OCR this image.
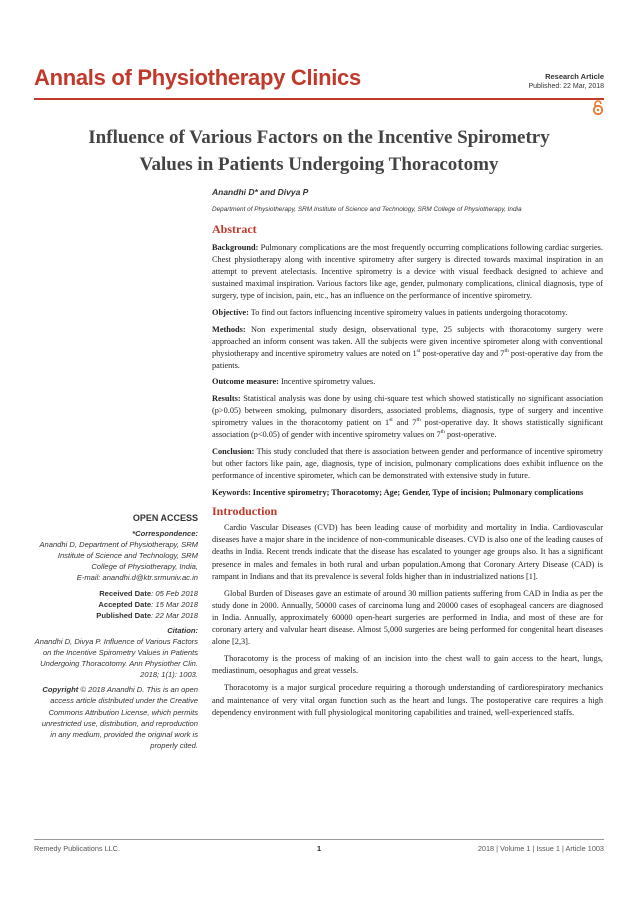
Annals of Physiotherapy Clinics	Research Article
Published: 22 Mar, 2018
Influence of Various Factors on the Incentive Spirometry
Values in Patients Undergoing Thoracotomy
Anandhi D* and Divya P
Department of Physiotherapy, SRM Institute of Science and Technology, SRM College of Physiotherapy, India
Abstract

Background: Pulmonary complications are the most frequently occurring complications following cardiac surgeries. Chest physiotherapy along with incentive spirometry after surgery is directed towards maximal inspiration in an attempt to prevent atelectasis. Incentive spirometry is a device with visual feedback designed to achieve and sustained maximal inspiration. Various factors like age, gender, pulmonary complications, clinical diagnosis, type of surgery, type of incision, pain, etc., has an influence on the performance of incentive spirometry.

Objective: To find out factors influencing incentive spirometry values in patients undergoing thoracotomy.

Methods: Non experimental study design, observational type, 25 subjects with thoracotomy surgery were approached an inform consent was taken. All the subjects were given incentive spirometer along with conventional physiotherapy and incentive spirometry values are noted on 1st post-operative day and 7th post-operative day from the patients.

Outcome measure: Incentive spirometry values.

Results: Statistical analysis was done by using chi-square test which showed statistically no significant association (p>0.05) between smoking, pulmonary disorders, associated problems, diagnosis, type of surgery and incentive spirometry values in the thoracotomy patient on 1st and 7th post-operative day. It shows statistically significant association (p<0.05) of gender with incentive spirometry values on 7th post-operative.

Conclusion: This study concluded that there is association between gender and performance of incentive spirometry but other factors like pain, age, diagnosis, type of incision, pulmonary complications does exhibit influence on the performance of incentive spirometer, which can be demonstrated with extensive study in future.

Keywords: Incentive spirometry; Thoracotomy; Age; Gender, Type of incision; Pulmonary complications

Introduction

Cardio Vascular Diseases (CVD) has been leading cause of morbidity and mortality in India. Cardiovascular diseases have a major share in the incidence of non-communicable diseases. CVD is also one of the leading causes of deaths in India. Recent trends indicate that the disease has escalated to younger age groups also. It has a significant presence in males and females in both rural and urban population.Among that Coronary Artery Disease (CAD) is rampant in Indians and that its prevalence is several folds higher than in industrialized nations [1].

Global Burden of Diseases gave an estimate of around 30 million patients suffering from CAD in India as per the study done in 2000. Annually, 50000 cases of carcinoma lung and 20000 cases of esophageal cancers are diagnosed in India. Annually, approximately 60000 open-heart surgeries are performed in India, and most of these are for coronary artery and valvular heart disease. Almost 5,000 surgeries are being performed for congenital heart diseases alone [2,3].

Thoracotomy is the process of making of an incision into the chest wall to gain access to the heart, lungs, mediastinum, oesophagus and great vessels.

Thoracotomy is a major surgical procedure requiring a thorough understanding of cardiorespiratory mechanics and maintenance of very vital organ function such as the heart and lungs. The postoperative care requires a high dependency environment with full physiological monitoring capabilities and trained, well-experienced staffs.

OPEN ACCESS
*Correspondence:
Anandhi D, Department of Physiotherapy, SRM Institute of Science and Technology, SRM College of Physiotherapy, India,
E-mail: anandhi.d@ktr.srmuniv.ac.in
Received Date: 05 Feb 2018
Accepted Date: 15 Mar 2018
Published Date: 22 Mar 2018
Citation:
Anandhi D, Divya P. Influence of Various Factors on the Incentive Spirometry Values in Patients Undergoing Thoracotomy. Ann Physiother Clin. 2018; 1(1): 1003.
Copyright © 2018 Anandhi D. This is an open access article distributed under the Creative Commons Attribution License, which permits unrestricted use, distribution, and reproduction in any medium, provided the original work is properly cited.
Remedy Publications LLC.	1	2018 | Volume 1 | Issue 1 | Article 1003
